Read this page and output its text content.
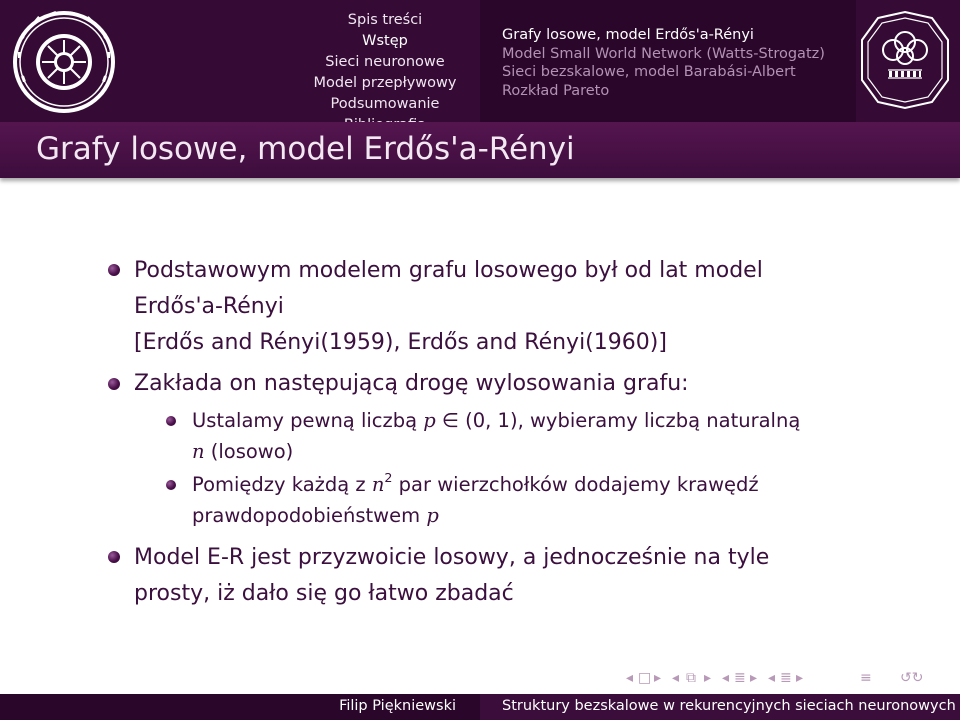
Spis treści
Wstęp
Sieci neuronowe
Model przepływowy
Podsumowanie
Grafy losowe, model Erdős'a-Rényi
Model Small World Network (Watts-Strogatz)
Sieci bezskalowe, model Barabási-Albert
Rozkład Pareto
Grafy losowe, model Erdős'a-Rényi
Podstawowym modelem grafu losowego był od lat model
Erdős'a-Rényi
[Erdős and Rényi(1959), Erdős and Rényi(1960)]
Zakłada on następującą drogę wylosowania grafu:
Ustalamy pewną liczbą p ∈ (0, 1), wybieramy liczbą naturalną
n (losowo)
Pomiędzy każdą z $n^2$ par wierzchołków dodajemy krawędź
prawdopodobieństwem p
Model E-R jest przyzwoicie losowy, a jednocześnie na tyle
prosty, iż dało się go łatwo zbadać
◂ □ ▸ ◂ ⧉ ▸ ◂ ≣ ▸ ◂ ≣ ▸	≡ ↺↻
Filip Piękniewski	Struktury bezskalowe w rekurencyjnych sieciach neuronowych
